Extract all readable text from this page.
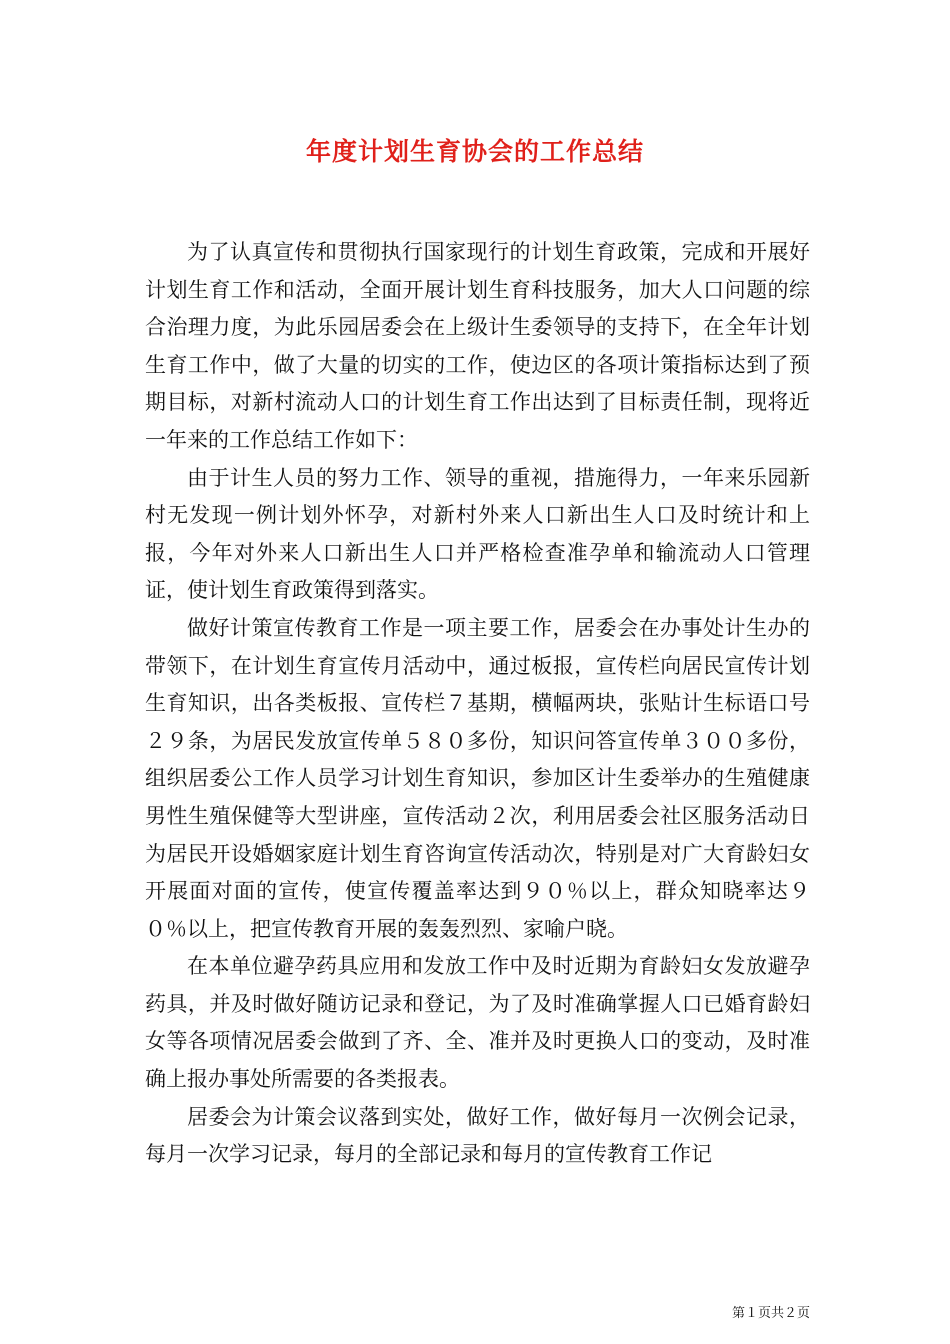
年度计划生育协会的工作总结

为了认真宣传和贯彻执行国家现行的计划生育政策，完成和开展好计划生育工作和活动，全面开展计划生育科技服务，加大人口问题的综合治理力度，为此乐园居委会在上级计生委领导的支持下，在全年计划生育工作中，做了大量的切实的工作，使边区的各项计策指标达到了预期目标，对新村流动人口的计划生育工作出达到了目标责任制，现将近一年来的工作总结工作如下：

由于计生人员的努力工作、领导的重视，措施得力，一年来乐园新村无发现一例计划外怀孕，对新村外来人口新出生人口及时统计和上报，今年对外来人口新出生人口并严格检查准孕单和输流动人口管理证，使计划生育政策得到落实。

做好计策宣传教育工作是一项主要工作，居委会在办事处计生办的带领下，在计划生育宣传月活动中，通过板报，宣传栏向居民宣传计划生育知识，出各类板报、宣传栏７基期，横幅两块，张贴计生标语口号２９条，为居民发放宣传单５８０多份，知识问答宣传单３００多份，组织居委公工作人员学习计划生育知识，参加区计生委举办的生殖健康男性生殖保健等大型讲座，宣传活动２次，利用居委会社区服务活动日为居民开设婚姻家庭计划生育咨询宣传活动次，特别是对广大育龄妇女开展面对面的宣传，使宣传覆盖率达到９０％以上，群众知晓率达９０％以上，把宣传教育开展的轰轰烈烈、家喻户晓。

在本单位避孕药具应用和发放工作中及时近期为育龄妇女发放避孕药具，并及时做好随访记录和登记，为了及时准确掌握人口已婚育龄妇女等各项情况居委会做到了齐、全、准并及时更换人口的变动，及时准确上报办事处所需要的各类报表。

居委会为计策会议落到实处，做好工作，做好每月一次例会记录，每月一次学习记录，每月的全部记录和每月的宣传教育工作记

第１页共２页
